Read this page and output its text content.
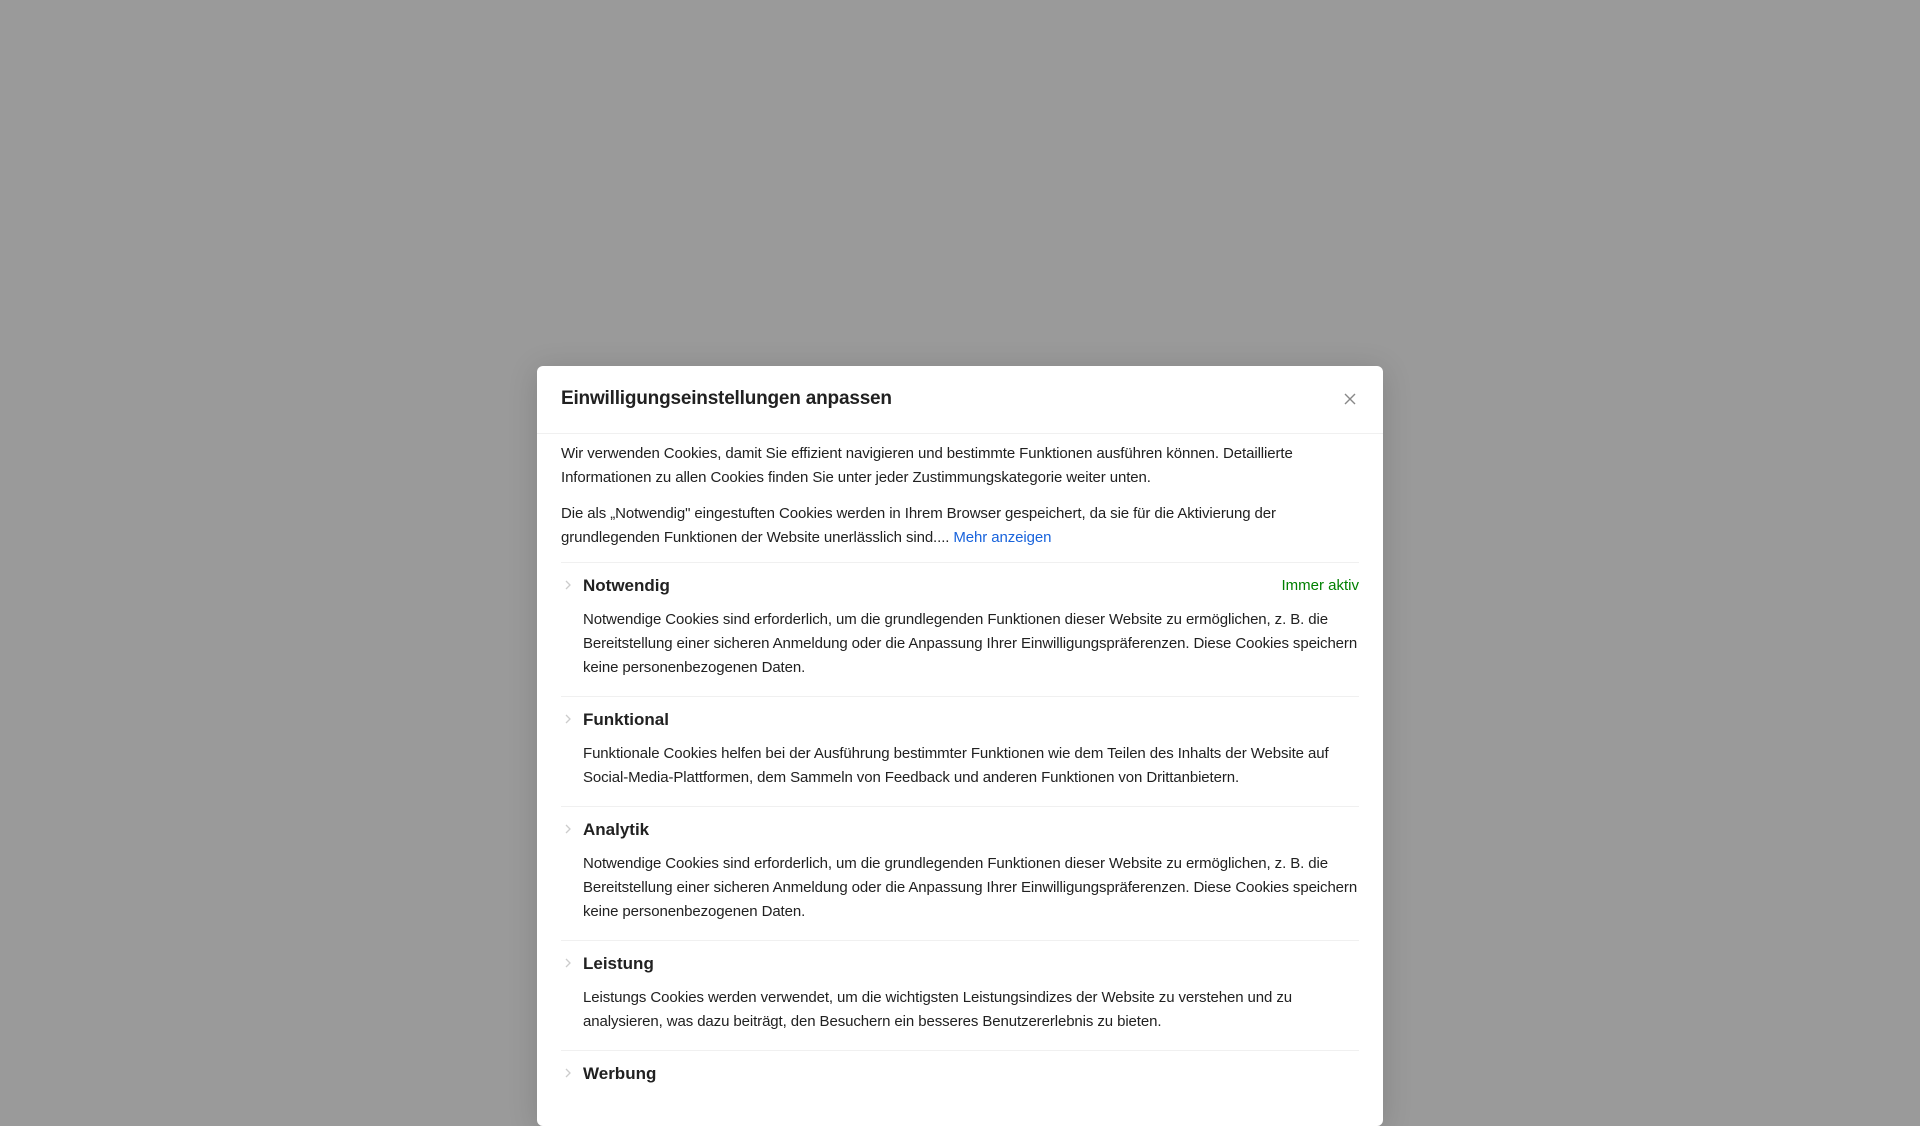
Einwilligungseinstellungen anpassen

Wir verwenden Cookies, damit Sie effizient navigieren und bestimmte Funktionen ausführen können. Detaillierte Informationen zu allen Cookies finden Sie unter jeder Zustimmungskategorie weiter unten.

Die als „Notwendig" eingestuften Cookies werden in Ihrem Browser gespeichert, da sie für die Aktivierung der grundlegenden Funktionen der Website unerlässlich sind.... Mehr anzeigen

Notwendig	Immer aktiv
Notwendige Cookies sind erforderlich, um die grundlegenden Funktionen dieser Website zu ermöglichen, z. B. die Bereitstellung einer sicheren Anmeldung oder die Anpassung Ihrer Einwilligungspräferenzen. Diese Cookies speichern keine personenbezogenen Daten.
Funktional
Funktionale Cookies helfen bei der Ausführung bestimmter Funktionen wie dem Teilen des Inhalts der Website auf Social-Media-Plattformen, dem Sammeln von Feedback und anderen Funktionen von Drittanbietern.
Analytik
Notwendige Cookies sind erforderlich, um die grundlegenden Funktionen dieser Website zu ermöglichen, z. B. die Bereitstellung einer sicheren Anmeldung oder die Anpassung Ihrer Einwilligungspräferenzen. Diese Cookies speichern keine personenbezogenen Daten.
Leistung
Leistungs Cookies werden verwendet, um die wichtigsten Leistungsindizes der Website zu verstehen und zu analysieren, was dazu beiträgt, den Besuchern ein besseres Benutzererlebnis zu bieten.
Werbung
